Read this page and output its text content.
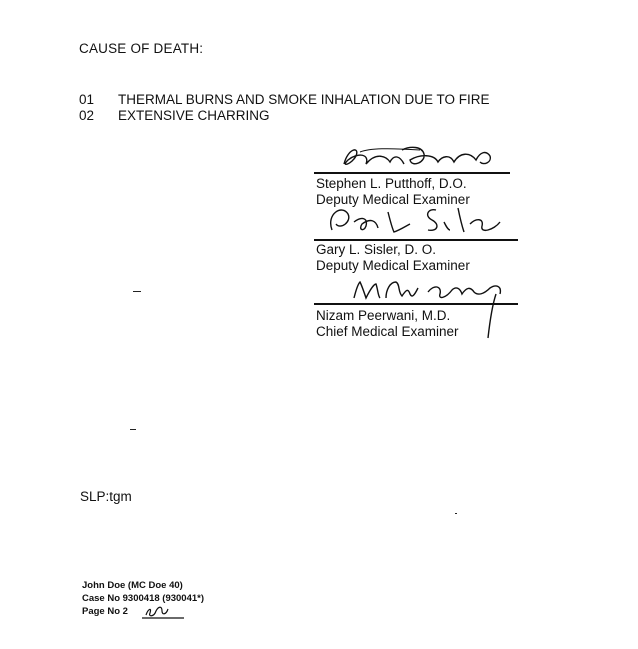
CAUSE OF DEATH:
01 THERMAL BURNS AND SMOKE INHALATION DUE TO FIRE
02 EXTENSIVE CHARRING
Stephen L. Putthoff, D.O.
Deputy Medical Examiner
Gary L. Sisler, D. O.
Deputy Medical Examiner
Nizam Peerwani, M.D.
Chief Medical Examiner
SLP:tgm
John Doe (MC Doe 40)
Case No 9300418 (930041*)
Page No 2
